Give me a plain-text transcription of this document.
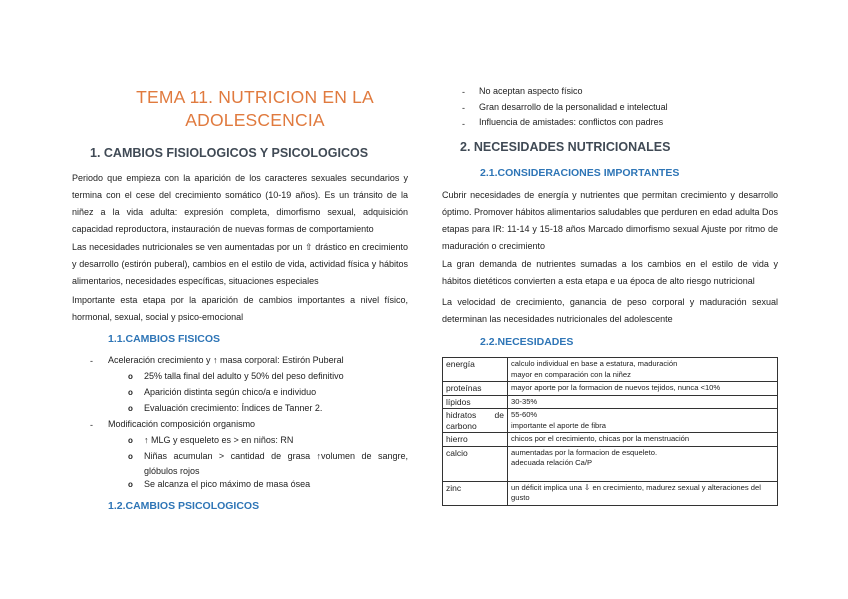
TEMA 11. NUTRICION EN LA ADOLESCENCIA
1. CAMBIOS FISIOLOGICOS Y PSICOLOGICOS
Periodo que empieza con la aparición de los caracteres sexuales secundarios y termina con el cese del crecimiento somático (10-19 años). Es un tránsito de la niñez a la vida adulta: expresión completa, dimorfismo sexual, adquisición capacidad reproductora, instauración de nuevas formas de comportamiento
Las necesidades nutricionales se ven aumentadas por un ⇧ drástico en crecimiento y desarrollo (estirón puberal), cambios en el estilo de vida, actividad física y hábitos alimentarios, necesidades específicas, situaciones especiales
Importante esta etapa por la aparición de cambios importantes a nivel físico, hormonal, sexual, social y psico-emocional
1.1.CAMBIOS FISICOS
- Aceleración crecimiento y ↑ masa corporal: Estirón Puberal
o 25% talla final del adulto y 50% del peso definitivo
o Aparición distinta según chico/a e individuo
o Evaluación crecimiento: Índices de Tanner 2.
- Modificación composición organismo
o ↑ MLG y esqueleto es > en niños: RN
o Niñas acumulan > cantidad de grasa ↑volumen de sangre, glóbulos rojos
o Se alcanza el pico máximo de masa ósea
1.2.CAMBIOS PSICOLOGICOS
- No aceptan aspecto físico
- Gran desarrollo de la personalidad e intelectual
- Influencia de amistades: conflictos con padres
2. NECESIDADES NUTRICIONALES
2.1.CONSIDERACIONES IMPORTANTES
Cubrir necesidades de energía y nutrientes que permitan crecimiento y desarrollo óptimo. Promover hábitos alimentarios saludables que perduren en edad adulta Dos etapas para IR: 11-14 y 15-18 años Marcado dimorfismo sexual Ajuste por ritmo de maduración o crecimiento
La gran demanda de nutrientes sumadas a los cambios en el estilo de vida y hábitos dietéticos convierten a esta etapa e ua época de alto riesgo nutricional
La velocidad de crecimiento, ganancia de peso corporal y maduración sexual determinan las necesidades nutricionales del adolescente
2.2.NECESIDADES
energía	calculo individual en base a estatura, maduración
mayor en comparación con la niñez

proteínas	mayor aporte por la formacion de nuevos tejidos, nunca <10%
lípidos	30-35%
hidratos de carbono	55-60%
importante el aporte de fibra

hierro	chicos por el crecimiento, chicas por la menstruación
calcio	aumentadas por la formacion de esqueleto.
adecuada relación Ca/P

zinc	un déficit implica una ⇩ en crecimiento, madurez sexual y alteraciones del gusto
